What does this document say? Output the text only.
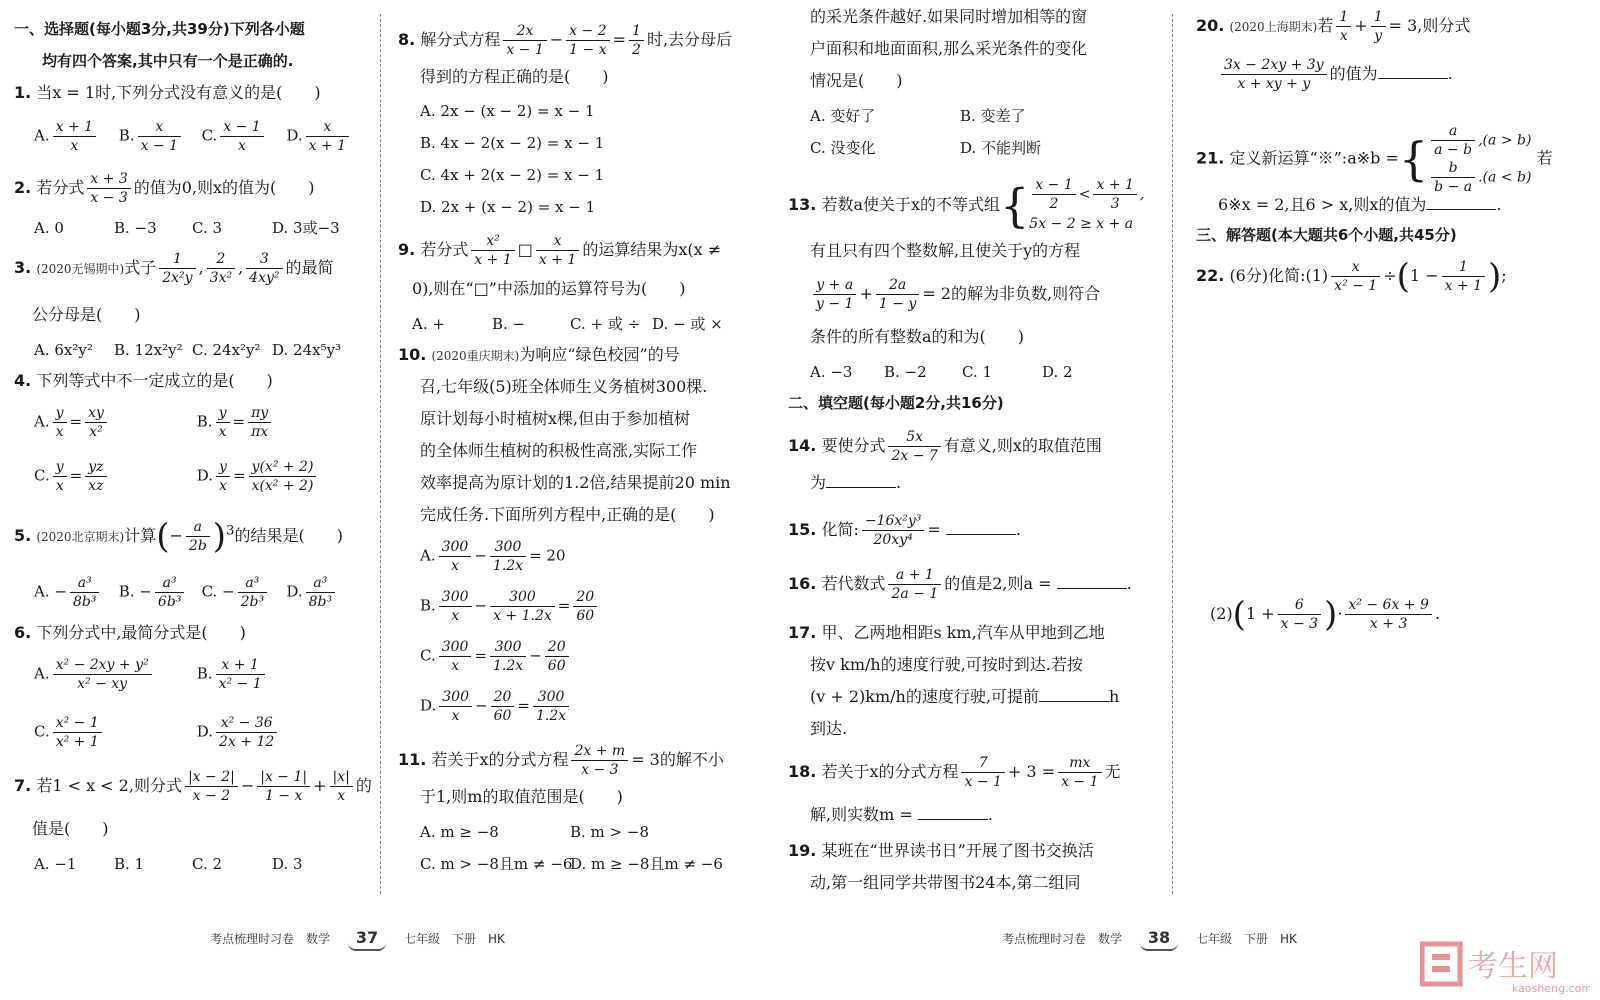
一、选择题(每小题3分,共39分)下列各小题
均有四个答案,其中只有一个是正确的.
1. 当x = 1时,下列分式没有意义的是(　　)
A. $\frac{x + 1}{x} B$. $\frac{x}{x - 1} C$. $\frac{x - 1}{x} D$. $\frac{x}{x + 1}$
2. 若分式 $\frac{x + 3}{x - 3}$ 的值为0,则x的值为(　　)
A. 0	B. −3 C. 3	D. 3或−3
3. (2020无锡期中)式子 $\frac{1}{\text{2x²y}}$ , $\frac{2}{\text{3x²}}$ , $\frac{3}{\text{4xy²}}$ 的最简
公分母是(　　)
A. 6x²y² B. 12x²y² C. 24x²y² D. 24x⁵y³
4. 下列等式中不一定成立的是(　　)
A. $\frac{y}{x} = \frac{xy}{\text{x²}}$	B. $\frac{y}{x} = \frac{\pi y}{\pi x}$
C. $\frac{y}{x} = \frac{yz}{xz}$	D. $\frac{y}{x} = \frac{\text{y(x² + 2)}}{\text{x(x² + 2)}}$
5. (2020北京期末)计算(− $\frac{a}{2b} )^3$的结果是(　　)
A. − $\frac{\text{a³}}{\text{8b³}} B$. − $\frac{\text{a³}}{\text{6b³}} C$. − $\frac{\text{a³}}{\text{2b³}} D$. $\frac{\text{a³}}{\text{8b³}}$
6. 下列分式中,最简分式是(　　)
A. $\frac{\text{x² − 2xy + y²}}{\text{x² − xy}}$	B. $\frac{x + 1}{\text{x² − 1}}$
C. $\frac{\text{x² − 1}}{\text{x² + 1}}$	D. $\frac{\text{x² − 36}}{2x + 12}$
7. 若1 < x < 2,则分式 $\frac{|x - 2|}{x - 2} - \frac{|x - 1|}{1 - x} + \frac{|x|}{x}$ 的
值是(　　)
A. −1	B. 1	C. 2	D. 3
8. 解分式方程 $\frac{2x}{x - 1} - \frac{x - 2}{1 - x} = \frac{1}{2}$ 时,去分母后
得到的方程正确的是(　　)
A. 2x − (x − 2) = x − 1
B. 4x − 2(x − 2) = x − 1
C. 4x + 2(x − 2) = x − 1
D. 2x + (x − 2) = x − 1
9. 若分式 $\frac{\text{x²}}{x + 1}$ □ $\frac{x}{x + 1}$ 的运算结果为x(x ≠
0),则在“□”中添加的运算符号为(　　)
A. +	B. −	C. + 或 ÷ D. − 或 ×
10. (2020重庆期末)为响应“绿色校园”的号
召,七年级(5)班全体师生义务植树300棵.
原计划每小时植树x棵,但由于参加植树
的全体师生植树的积极性高涨,实际工作
效率提高为原计划的1.2倍,结果提前20 min
完成任务.下面所列方程中,正确的是(　　)
A. $\frac{300}{x} - \frac{300}{1.2x} = 20$
B. $\frac{300}{x} - \frac{300}{x + 1.2x} = \frac{20}{60}$
C. $\frac{300}{x} = \frac{300}{1.2x} - \frac{20}{60}$
D. $\frac{300}{x} - \frac{20}{60} = \frac{300}{1.2x}$
11. 若关于x的分式方程 $\frac{2x + m}{x - 3} = 3$的解不小
于1,则m的取值范围是(　　)
A. m ≥ −8	B. m > −8
C. m > −8且m ≠ −6D. m ≥ −8且m ≠ −6
的采光条件越好.如果同时增加相等的窗
户面积和地面面积,那么采光条件的变化
情况是(　　)
A. 变好了	B. 变差了
C. 没变化	D. 不能判断
13. 若数a使关于x的不等式组{ $\frac{x - 1}{2} < \frac{x + 1}{3}$ ,
5x − 2 ≥ x + a
有且只有四个整数解,且使关于y的方程
$\frac{y + a}{y - 1} + \frac{2a}{1 - y} = 2$的解为非负数,则符合
条件的所有整数a的和为(　　)
A. −3 B. −2 C. 1	D. 2
二、填空题(每小题2分,共16分)
14. 要使分式 $\frac{5x}{2x - 7}$ 有意义,则x的取值范围
为	.
15. 化简: $\frac{\text{−16x²y³}}{\text{20xy⁴}}$ =	.
16. 若代数式 $\frac{a + 1}{2a - 1}$ 的值是2,则a =	.
17. 甲、乙两地相距s km,汽车从甲地到乙地
按v km/h的速度行驶,可按时到达.若按
(v + 2)km/h的速度行驶,可提前	h
到达.
18. 若关于x的分式方程 $\frac{7}{x - 1} + 3 = \frac{mx}{x - 1}$ 无
解,则实数m =	.
19. 某班在“世界读书日”开展了图书交换活
动,第一组同学共带图书24本,第二组同
20. (2020上海期末)若 $\frac{1}{x} + \frac{1}{y} = 3$,则分式
$\frac{3x - 2xy + 3y}{x + xy + y}$ 的值为	.
21. 定义新运算“※”:a※b ={ $\frac{a}{a - b} ,(a > b)$
$\frac{b}{b - a} .(a < b)$
若
6※x = 2,且6 > x,则x的值为	.
三、解答题(本大题共6个小题,共45分)
22. (6分)化简:(1) $\frac{x}{\text{x² − 1}} \div(1 - \frac{1}{x + 1}$ );
$(2)(1 + \frac{6}{x - 3}$ )· $\frac{\text{x² − 6x + 9}}{x + 3}$ .
考点梳理时习卷　数学 37 七年级　下册　HK	考点梳理时习卷　数学 38 七年级　下册　HK
考生网
kaosheng.com
